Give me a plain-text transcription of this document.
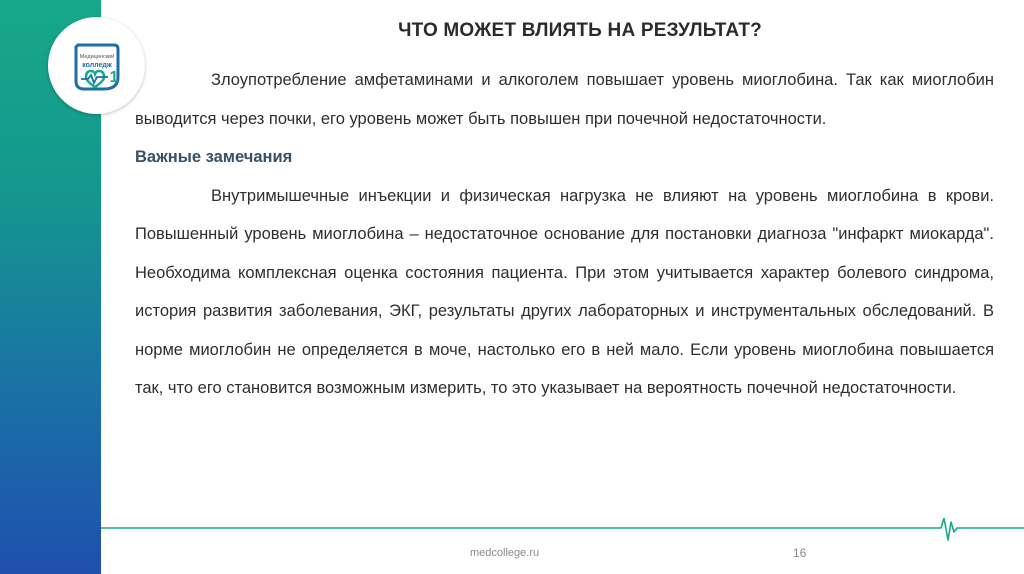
Медицинский
колледж
1
ЧТО МОЖЕТ ВЛИЯТЬ НА РЕЗУЛЬТАТ?

Злоупотребление амфетаминами и алкоголем повышает уровень миоглобина. Так как миоглобин выводится через почки, его уровень может быть повышен при почечной недостаточности.

Важные замечания

Внутримышечные инъекции и физическая нагрузка не влияют на уровень миоглобина в крови. Повышенный уровень миоглобина – недостаточное основание для постановки диагноза "инфаркт миокарда". Необходима комплексная оценка состояния пациента. При этом учитывается характер болевого синдрома, история развития заболевания, ЭКГ, результаты других лабораторных и инструментальных обследований. В норме миоглобин не определяется в моче, настолько его в ней мало. Если уровень миоглобина повышается так, что его становится возможным измерить, то это указывает на вероятность почечной недостаточности.

medcollege.ru	16
